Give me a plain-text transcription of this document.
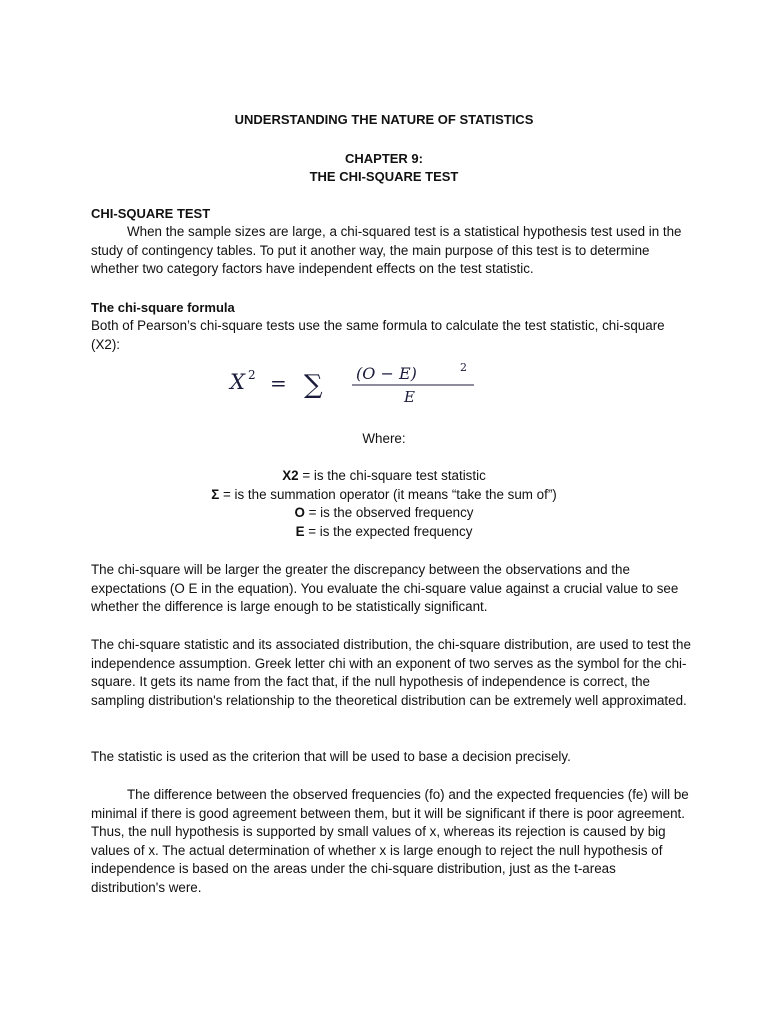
UNDERSTANDING THE NATURE OF STATISTICS

CHAPTER 9:
THE CHI-SQUARE TEST

CHI-SQUARE TEST

When the sample sizes are large, a chi-squared test is a statistical hypothesis test used in the study of contingency tables. To put it another way, the main purpose of this test is to determine whether two category factors have independent effects on the test statistic.

The chi-square formula

Both of Pearson’s chi-square tests use the same formula to calculate the test statistic, chi-square (X2):

X 2 = ∑ (O − E)	2
E
Where:
X2 = is the chi-square test statistic
Σ = is the summation operator (it means “take the sum of”)
O = is the observed frequency
E = is the expected frequency

The chi-square will be larger the greater the discrepancy between the observations and the expectations (O E in the equation). You evaluate the chi-square value against a crucial value to see whether the difference is large enough to be statistically significant.

The chi-square statistic and its associated distribution, the chi-square distribution, are used to test the independence assumption. Greek letter chi with an exponent of two serves as the symbol for the chi-square. It gets its name from the fact that, if the null hypothesis of independence is correct, the sampling distribution's relationship to the theoretical distribution can be extremely well approximated.

The statistic is used as the criterion that will be used to base a decision precisely.

The difference between the observed frequencies (fo) and the expected frequencies (fe) will be minimal if there is good agreement between them, but it will be significant if there is poor agreement. Thus, the null hypothesis is supported by small values of x, whereas its rejection is caused by big values of x. The actual determination of whether x is large enough to reject the null hypothesis of independence is based on the areas under the chi-square distribution, just as the t-areas distribution's were.
